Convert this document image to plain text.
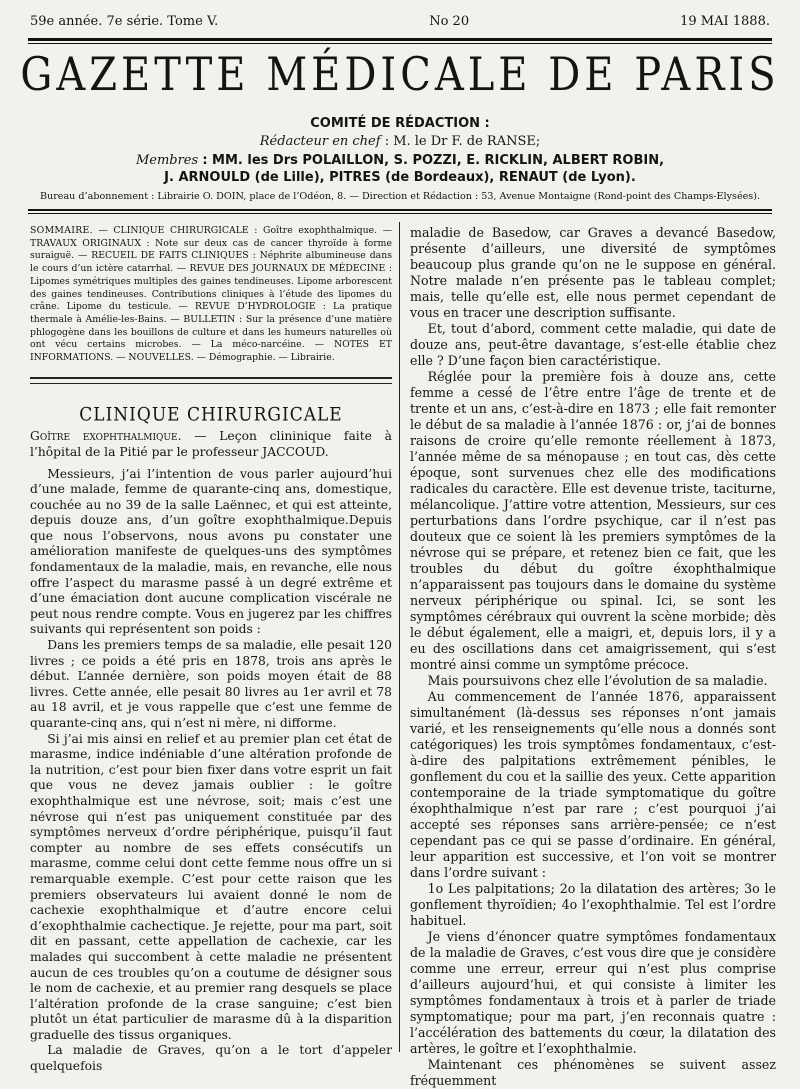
59e année. 7e série. Tome V.	No 20	19 MAI 1888.
GAZETTE MÉDICALE DE PARIS
COMITÉ DE RÉDACTION :
Rédacteur en chef : M. le Dr F. de RANSE;
Membres : MM. les Drs POLAILLON, S. POZZI, E. RICKLIN, ALBERT ROBIN,
J. ARNOULD (de Lille), PITRES (de Bordeaux), RENAUT (de Lyon).
Bureau d’abonnement : Librairie O. DOIN, place de l’Odéon, 8. — Direction et Rédaction : 53, Avenue Montaigne (Rond-point des Champs-Elysées).
SOMMAIRE. — CLINIQUE CHIRURGICALE : Goître exophthalmique. — TRAVAUX ORIGINAUX : Note sur deux cas de cancer thyroïde à forme suraiguë. — RECUEIL DE FAITS CLINIQUES : Néphrite albumineuse dans le cours d’un ictère catarrhal. — REVUE DES JOURNAUX DE MÉDECINE : Lipomes symétriques multiples des gaines tendineuses. Lipome arborescent des gaines tendineuses. Contributions cliniques à l’étude des lipomes du crâne. Lipome du testicule. — REVUE D’HYDROLOGIE : La pratique thermale à Amélie-les-Bains. — BULLETIN : Sur la présence d’une matière phlogogène dans les bouillons de culture et dans les humeurs naturelles où ont vécu certains microbes. — La méco-narcéine. — NOTES ET INFORMATIONS. — NOUVELLES. — Démographie. — Librairie.
CLINIQUE CHIRURGICALE
Goître exophthalmique. — Leçon clininique faite à l’hôpital de la Pitié par le professeur JACCOUD.

Messieurs, j’ai l’intention de vous parler aujourd’hui d’une malade, femme de quarante-cinq ans, domestique, couchée au no 39 de la salle Laënnec, et qui est atteinte, depuis douze ans, d’un goître exophthalmique.Depuis que nous l’observons, nous avons pu constater une amélioration manifeste de quelques-uns des symptômes fondamentaux de la maladie, mais, en revanche, elle nous offre l’aspect du marasme passé à un degré extrême et d’une émaciation dont aucune complication viscérale ne peut nous rendre compte. Vous en jugerez par les chiffres suivants qui représentent son poids :

Dans les premiers temps de sa maladie, elle pesait 120 livres ; ce poids a été pris en 1878, trois ans après le début. L’année dernière, son poids moyen était de 88 livres. Cette année, elle pesait 80 livres au 1er avril et 78 au 18 avril, et je vous rappelle que c’est une femme de quarante-cinq ans, qui n’est ni mère, ni difforme.

Si j’ai mis ainsi en relief et au premier plan cet état de marasme, indice indéniable d’une altération profonde de la nutrition, c’est pour bien fixer dans votre esprit un fait que vous ne devez jamais oublier : le goître exophthalmique est une névrose, soit; mais c’est une névrose qui n’est pas uniquement constituée par des symptômes nerveux d’ordre périphérique, puisqu’il faut compter au nombre de ses effets consécutifs un marasme, comme celui dont cette femme nous offre un si remarquable exemple. C’est pour cette raison que les premiers observateurs lui avaient donné le nom de cachexie exophthalmique et d’autre encore celui d’exophthalmie cachectique. Je rejette, pour ma part, soit dit en passant, cette appellation de cachexie, car les malades qui succombent à cette maladie ne présentent aucun de ces troubles qu’on a coutume de désigner sous le nom de cachexie, et au premier rang desquels se place l’altération profonde de la crase sanguine; c’est bien plutôt un état particulier de marasme dû à la disparition graduelle des tissus organiques.

La maladie de Graves, qu’on a le tort d’appeler quelquefois

maladie de Basedow, car Graves a devancé Basedow, présente d’ailleurs, une diversité de symptômes beaucoup plus grande qu’on ne le suppose en général. Notre malade n’en présente pas le tableau complet; mais, telle qu’elle est, elle nous permet cependant de vous en tracer une description suffisante.

Et, tout d’abord, comment cette maladie, qui date de douze ans, peut-être davantage, s’est-elle établie chez elle ? D’une façon bien caractéristique.

Réglée pour la première fois à douze ans, cette femme a cessé de l’être entre l’âge de trente et de trente et un ans, c’est-à-dire en 1873 ; elle fait remonter le début de sa maladie à l’année 1876 : or, j’ai de bonnes raisons de croire qu’elle remonte réellement à 1873, l’année même de sa ménopause ; en tout cas, dès cette époque, sont survenues chez elle des modifications radicales du caractère. Elle est devenue triste, taciturne, mélancolique. J’attire votre attention, Messieurs, sur ces perturbations dans l’ordre psychique, car il n’est pas douteux que ce soient là les premiers symptômes de la névrose qui se prépare, et retenez bien ce fait, que les troubles du début du goître éxophthalmique n’apparaissent pas toujours dans le domaine du système nerveux périphérique ou spinal. Ici, se sont les symptômes cérébraux qui ouvrent la scène morbide; dès le début également, elle a maigri, et, depuis lors, il y a eu des oscillations dans cet amaigrissement, qui s’est montré ainsi comme un symptôme précoce.

Mais poursuivons chez elle l’évolution de sa maladie.

Au commencement de l’année 1876, apparaissent simultanément (là-dessus ses réponses n’ont jamais varié, et les renseignements qu’elle nous a donnés sont catégoriques) les trois symptômes fondamentaux, c’est-à-dire des palpitations extrêmement pénibles, le gonflement du cou et la saillie des yeux. Cette apparition contemporaine de la triade symptomatique du goître éxophthalmique n’est par rare ; c’est pourquoi j’ai accepté ses réponses sans arrière-pensée; ce n’est cependant pas ce qui se passe d’ordinaire. En général, leur apparition est successive, et l’on voit se montrer dans l’ordre suivant :

1o Les palpitations; 2o la dilatation des artères; 3o le gonflement thyroïdien; 4o l’exophthalmie. Tel est l’ordre habituel.

Je viens d’énoncer quatre symptômes fondamentaux de la maladie de Graves, c’est vous dire que je considère comme une erreur, erreur qui n’est plus comprise d’ailleurs aujourd’hui, et qui consiste à limiter les symptômes fondamentaux à trois et à parler de triade symptomatique; pour ma part, j’en reconnais quatre : l’accélération des battements du cœur, la dilatation des artères, le goître et l’exophthalmie.

Maintenant ces phénomènes se suivent assez fréquemment
